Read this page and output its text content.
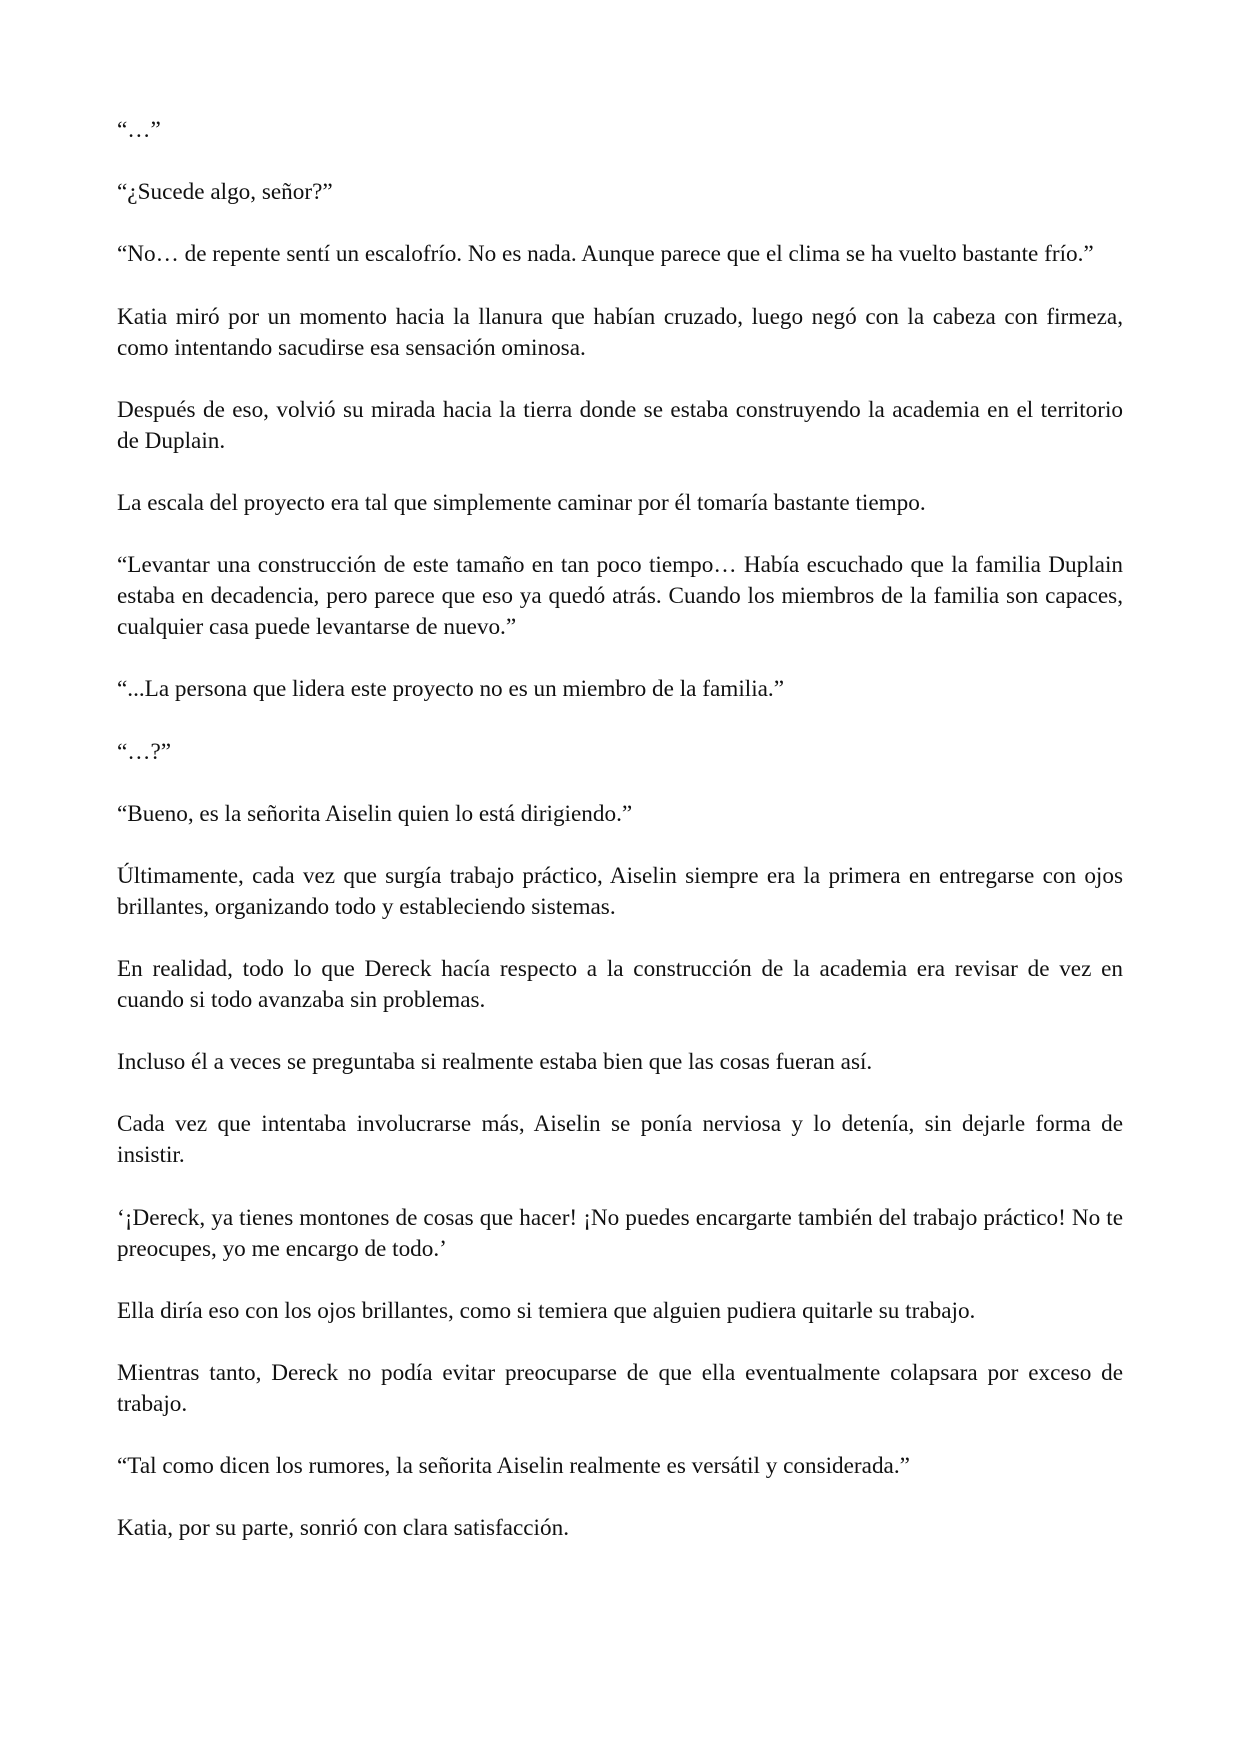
“…”

“¿Sucede algo, señor?”

“No… de repente sentí un escalofrío. No es nada. Aunque parece que el clima se ha vuelto bastante frío.”

Katia miró por un momento hacia la llanura que habían cruzado, luego negó con la cabeza con firmeza, como intentando sacudirse esa sensación ominosa.

Después de eso, volvió su mirada hacia la tierra donde se estaba construyendo la academia en el territorio de Duplain.

La escala del proyecto era tal que simplemente caminar por él tomaría bastante tiempo.

“Levantar una construcción de este tamaño en tan poco tiempo… Había escuchado que la familia Duplain estaba en decadencia, pero parece que eso ya quedó atrás. Cuando los miembros de la familia son capaces, cualquier casa puede levantarse de nuevo.”

“...La persona que lidera este proyecto no es un miembro de la familia.”

“…?”

“Bueno, es la señorita Aiselin quien lo está dirigiendo.”

Últimamente, cada vez que surgía trabajo práctico, Aiselin siempre era la primera en entregarse con ojos brillantes, organizando todo y estableciendo sistemas.

En realidad, todo lo que Dereck hacía respecto a la construcción de la academia era revisar de vez en cuando si todo avanzaba sin problemas.

Incluso él a veces se preguntaba si realmente estaba bien que las cosas fueran así.

Cada vez que intentaba involucrarse más, Aiselin se ponía nerviosa y lo detenía, sin dejarle forma de insistir.

‘¡Dereck, ya tienes montones de cosas que hacer! ¡No puedes encargarte también del trabajo práctico! No te preocupes, yo me encargo de todo.’

Ella diría eso con los ojos brillantes, como si temiera que alguien pudiera quitarle su trabajo.

Mientras tanto, Dereck no podía evitar preocuparse de que ella eventualmente colapsara por exceso de trabajo.

“Tal como dicen los rumores, la señorita Aiselin realmente es versátil y considerada.”

Katia, por su parte, sonrió con clara satisfacción.
